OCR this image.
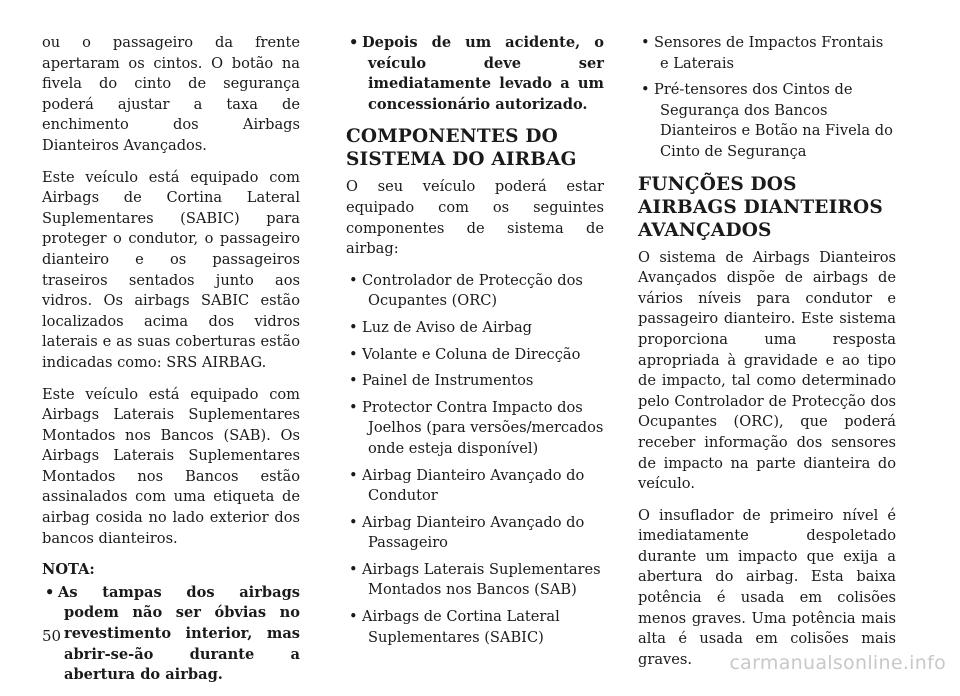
ou o passageiro da frente apertaram os cintos. O botão na fivela do cinto de segurança poderá ajustar a taxa de enchimento dos Airbags Dianteiros Avançados.

Este veículo está equipado com Airbags de Cortina Lateral Suplementares (SABIC) para proteger o condutor, o passageiro dianteiro e os passageiros traseiros sentados junto aos vidros. Os airbags SABIC estão localizados acima dos vidros laterais e as suas coberturas estão indicadas como: SRS AIRBAG.

Este veículo está equipado com Airbags Laterais Suplementares Montados nos Bancos (SAB). Os Airbags Laterais Suplementares Montados nos Bancos estão assinalados com uma etiqueta de airbag cosida no lado exterior dos bancos dianteiros.

NOTA:

• As tampas dos airbags podem não ser óbvias no revestimento interior, mas abrir-se-ão durante a abertura do airbag.
• Depois de um acidente, o veículo deve ser imediatamente levado a um concessionário autorizado.
COMPONENTES DO SISTEMA DO AIRBAG

O seu veículo poderá estar equipado com os seguintes componentes de sistema de airbag:

• Controlador de Protecção dos Ocupantes (ORC)
• Luz de Aviso de Airbag
• Volante e Coluna de Direcção
• Painel de Instrumentos
• Protector Contra Impacto dos Joelhos (para versões/mercados onde esteja disponível)
• Airbag Dianteiro Avançado do Condutor
• Airbag Dianteiro Avançado do Passageiro
• Airbags Laterais Suplementares Montados nos Bancos (SAB)
• Airbags de Cortina Lateral Suplementares (SABIC)
• Sensores de Impactos Frontais e Laterais
• Pré-tensores dos Cintos de Segurança dos Bancos Dianteiros e Botão na Fivela do Cinto de Segurança
FUNÇÕES DOS AIRBAGS DIANTEIROS AVANÇADOS

O sistema de Airbags Dianteiros Avançados dispõe de airbags de vários níveis para condutor e passageiro dianteiro. Este sistema proporciona uma resposta apropriada à gravidade e ao tipo de impacto, tal como determinado pelo Controlador de Protecção dos Ocupantes (ORC), que poderá receber informação dos sensores de impacto na parte dianteira do veículo.

O insuflador de primeiro nível é imediatamente despoletado durante um impacto que exija a abertura do airbag. Esta baixa potência é usada em colisões menos graves. Uma potência mais alta é usada em colisões mais graves.

50
carmanualsonline.info
